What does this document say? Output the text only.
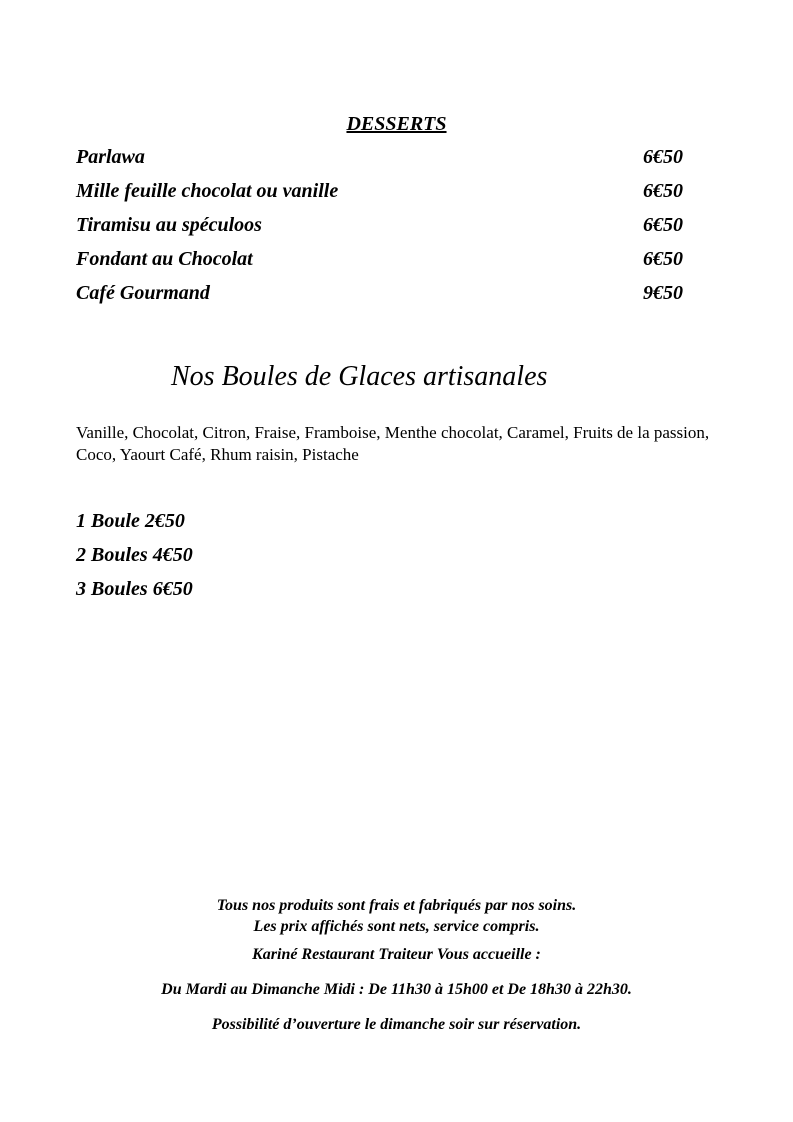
DESSERTS
Parlawa	6€50
Mille feuille chocolat ou vanille	6€50
Tiramisu au spéculoos	6€50
Fondant au Chocolat	6€50
Café Gourmand	9€50
Nos Boules de Glaces artisanales
Vanille, Chocolat, Citron, Fraise, Framboise, Menthe chocolat, Caramel, Fruits de la passion, Coco, Yaourt Café, Rhum raisin, Pistache
1 Boule 2€50
2 Boules 4€50
3 Boules 6€50
Tous nos produits sont frais et fabriqués par nos soins.
Les prix affichés sont nets, service compris.
Kariné Restaurant Traiteur Vous accueille :
Du Mardi au Dimanche Midi : De 11h30 à 15h00 et De 18h30 à 22h30.
Possibilité d’ouverture le dimanche soir sur réservation.
